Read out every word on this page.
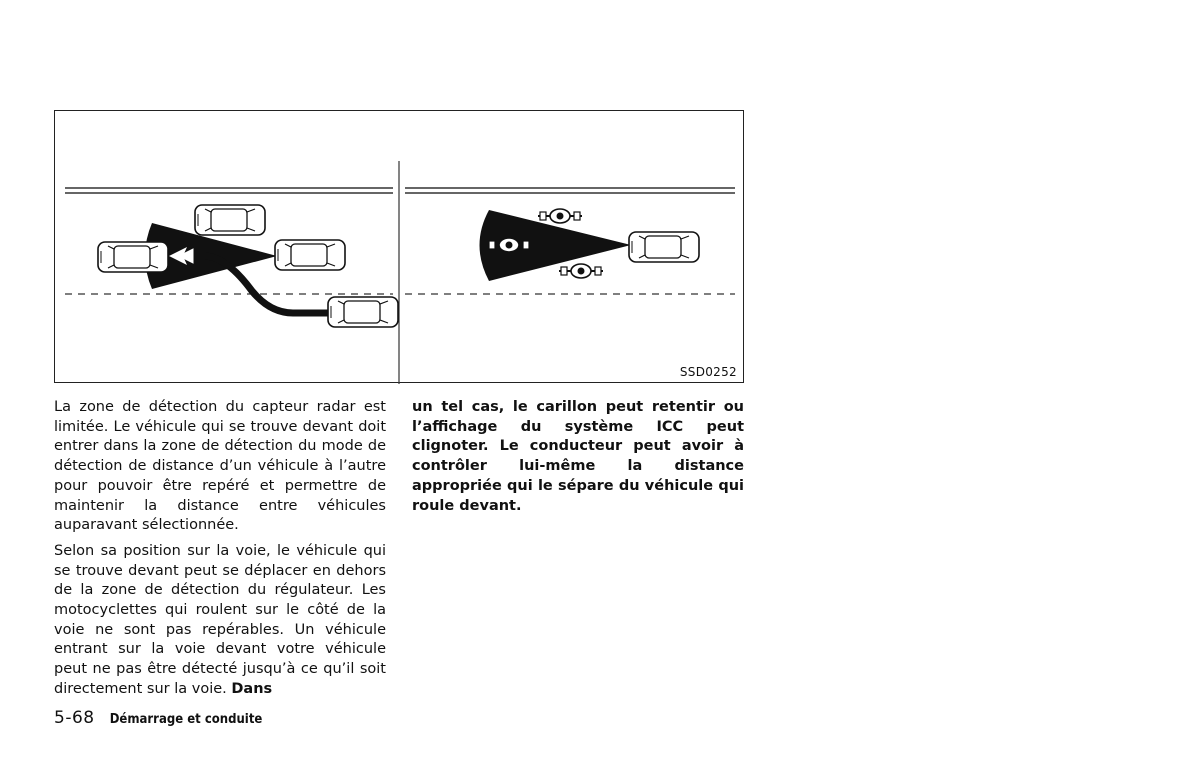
SSD0252

La zone de détection du capteur radar est limitée. Le véhicule qui se trouve devant doit entrer dans la zone de détection du mode de détection de distance d’un véhicule à l’autre pour pouvoir être repéré et permettre de maintenir la distance entre véhicules auparavant sélectionnée.

Selon sa position sur la voie, le véhicule qui se trouve devant peut se déplacer en dehors de la zone de détection du régulateur. Les motocyclettes qui roulent sur le côté de la voie ne sont pas repérables. Un véhicule entrant sur la voie devant votre véhicule peut ne pas être détecté jusqu’à ce qu’il soit directement sur la voie. Dans

un tel cas, le carillon peut retentir ou l’affichage du système ICC peut clignoter. Le conducteur peut avoir à contrôler lui-même la distance appropriée qui le sépare du véhicule qui roule devant.

5-68 Démarrage et conduite
